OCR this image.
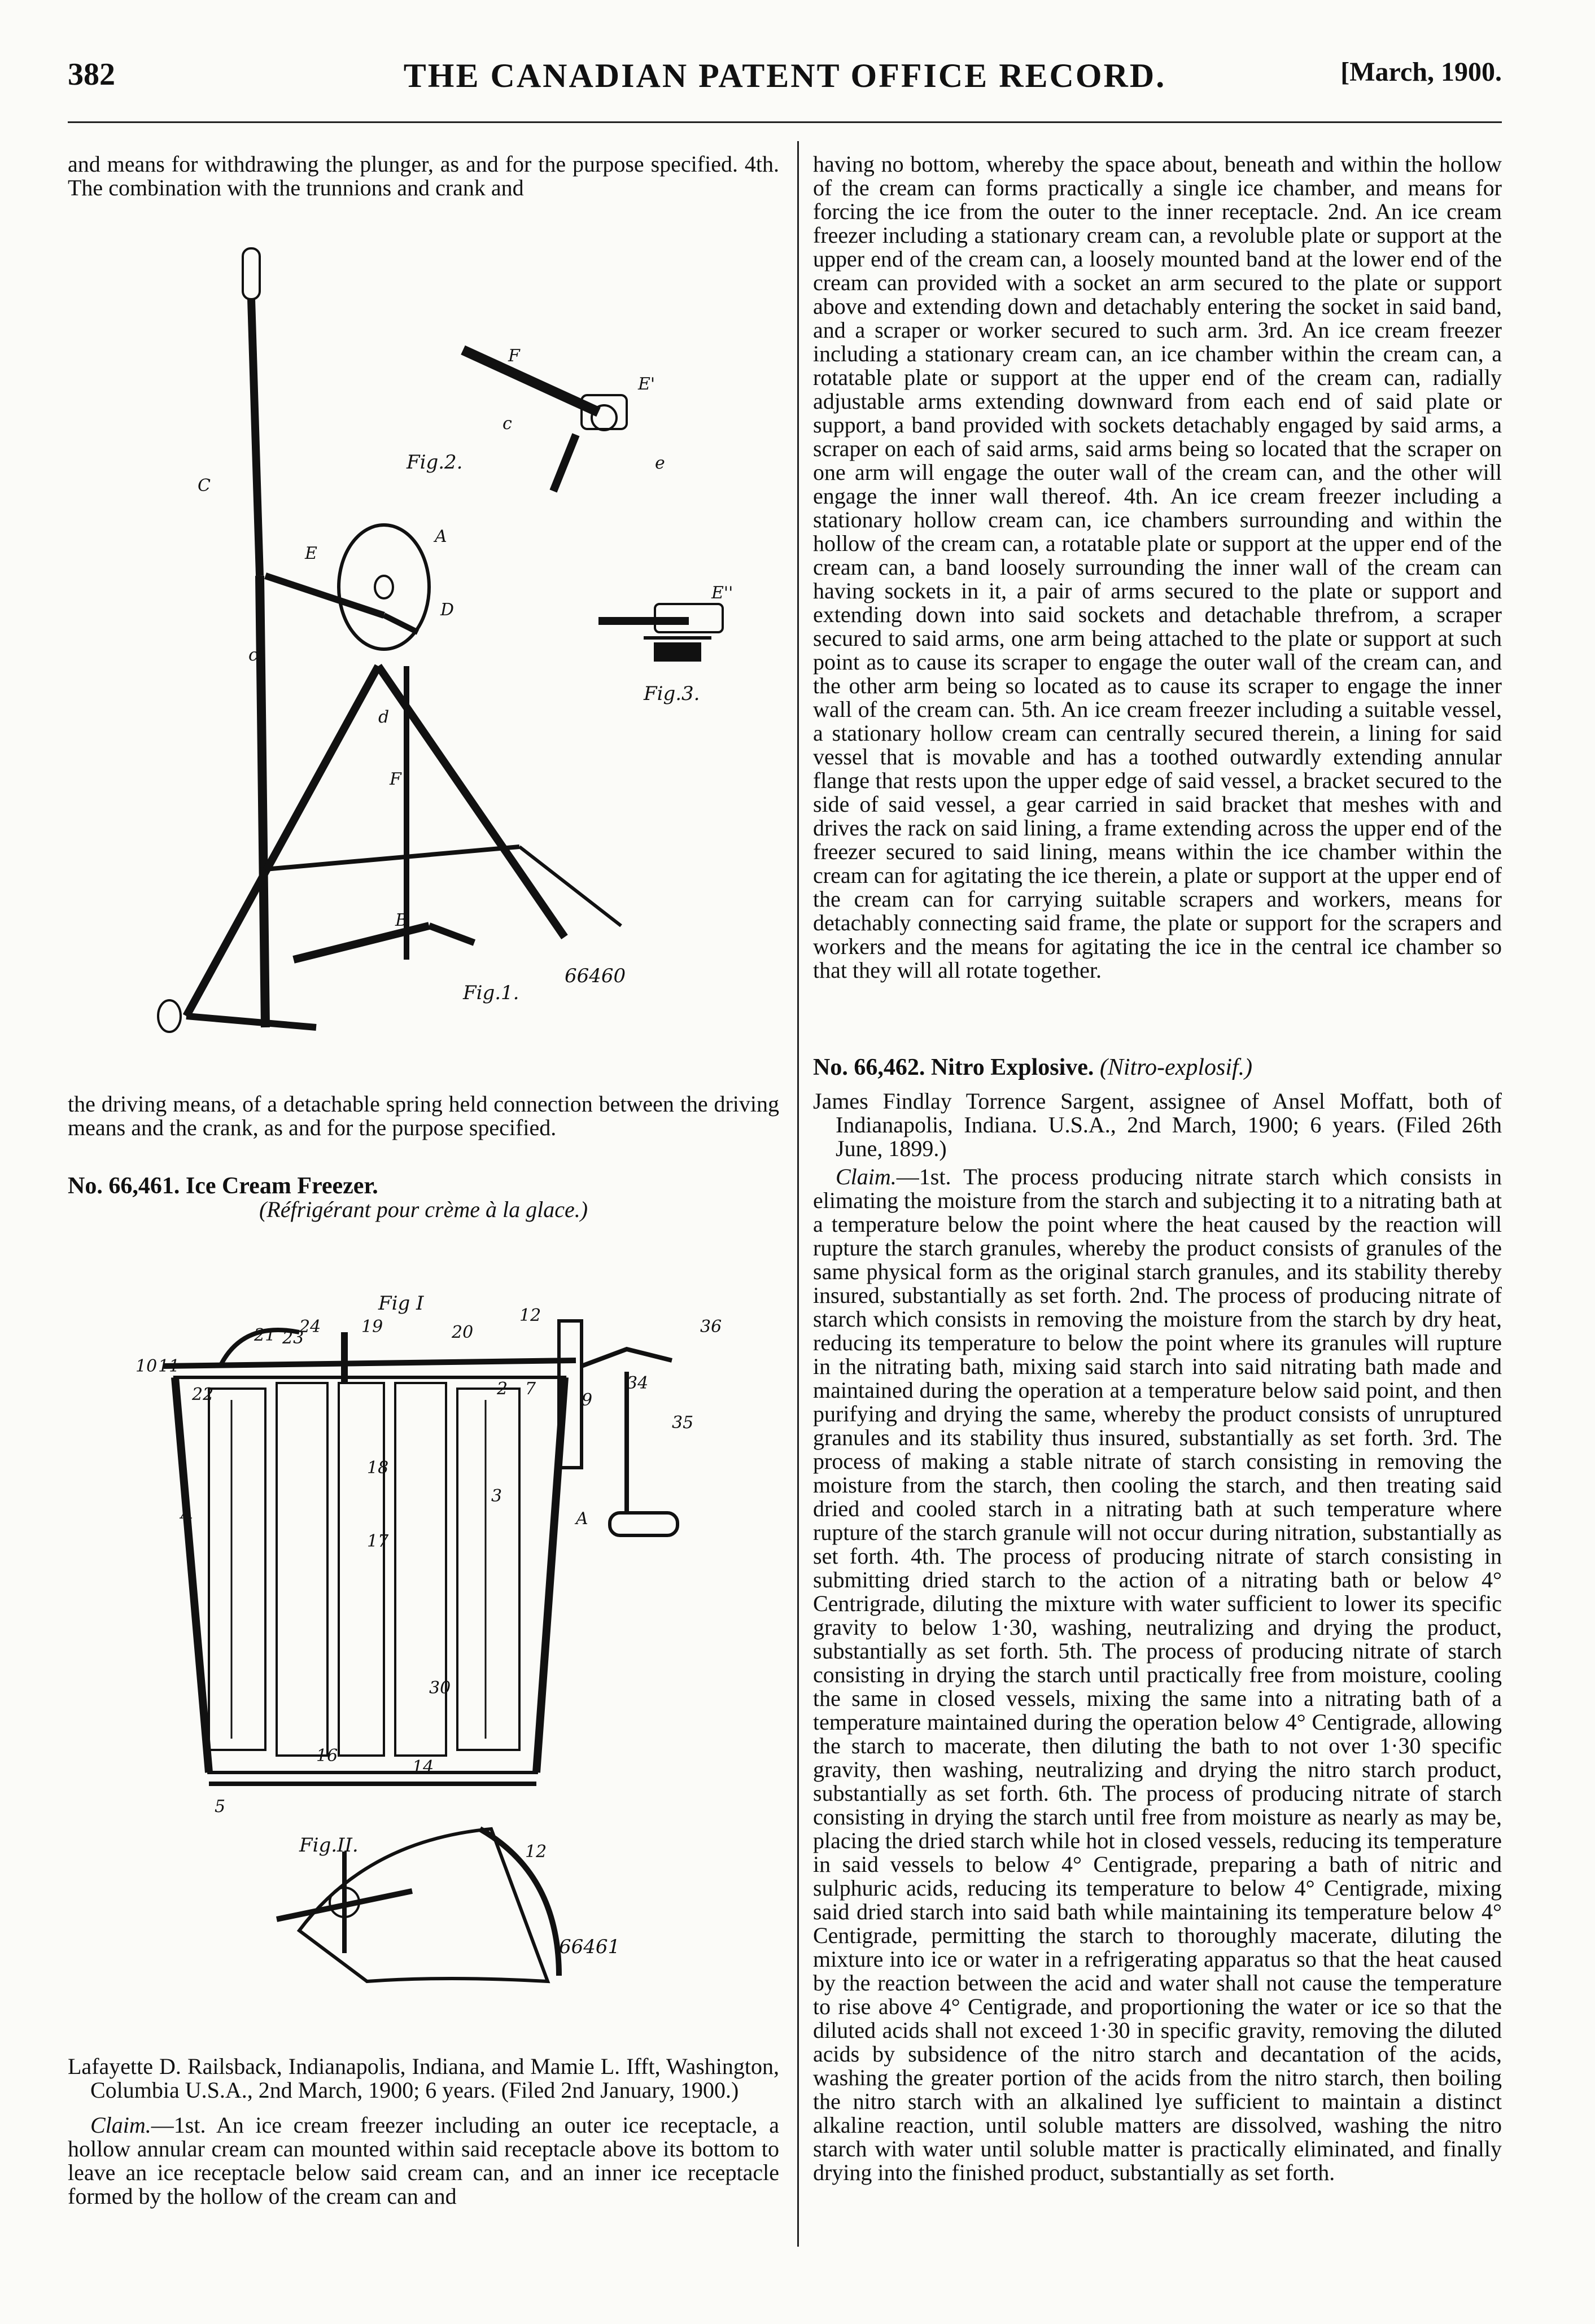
382	THE CANADIAN PATENT OFFICE RECORD.	[March, 1900.

and means for withdrawing the plunger, as and for the purpose specified. 4th. The combination with the trunnions and crank and

C
E
A
D
d
F
B
c'
F
E'
c
e
E''
Fig.2.
Fig.3.
Fig.1.
66460

the driving means, of a detachable spring held connection between the driving means and the crank, as and for the purpose specified.

No. 66,461. Ice Cream Freezer.

(Réfrigérant pour crème à la glace.)

Fig I
Fig.II.
66461
10 11
22
21 23
24 19	20
12
36
34
9
35
2 7
A	A
18
17
3
1
5
16
30
14
12

Lafayette D. Railsback, Indianapolis, Indiana, and Mamie L. Ifft, Washington, Columbia U.S.A., 2nd March, 1900; 6 years. (Filed 2nd January, 1900.)

Claim.—1st. An ice cream freezer including an outer ice receptacle, a hollow annular cream can mounted within said receptacle above its bottom to leave an ice receptacle below said cream can, and an inner ice receptacle formed by the hollow of the cream can and

having no bottom, whereby the space about, beneath and within the hollow of the cream can forms practically a single ice chamber, and means for forcing the ice from the outer to the inner receptacle. 2nd. An ice cream freezer including a stationary cream can, a revoluble plate or support at the upper end of the cream can, a loosely mounted band at the lower end of the cream can provided with a socket an arm secured to the plate or support above and extending down and detachably entering the socket in said band, and a scraper or worker secured to such arm. 3rd. An ice cream freezer including a stationary cream can, an ice chamber within the cream can, a rotatable plate or support at the upper end of the cream can, radially adjustable arms extending downward from each end of said plate or support, a band provided with sockets detachably engaged by said arms, a scraper on each of said arms, said arms being so located that the scraper on one arm will engage the outer wall of the cream can, and the other will engage the inner wall thereof. 4th. An ice cream freezer including a stationary hollow cream can, ice chambers surrounding and within the hollow of the cream can, a rotatable plate or support at the upper end of the cream can, a band loosely surrounding the inner wall of the cream can having sockets in it, a pair of arms secured to the plate or support and extending down into said sockets and detachable threfrom, a scraper secured to said arms, one arm being attached to the plate or support at such point as to cause its scraper to engage the outer wall of the cream can, and the other arm being so located as to cause its scraper to engage the inner wall of the cream can. 5th. An ice cream freezer including a suitable vessel, a stationary hollow cream can centrally secured therein, a lining for said vessel that is movable and has a toothed outwardly extending annular flange that rests upon the upper edge of said vessel, a bracket secured to the side of said vessel, a gear carried in said bracket that meshes with and drives the rack on said lining, a frame extending across the upper end of the freezer secured to said lining, means within the ice chamber within the cream can for agitating the ice therein, a plate or support at the upper end of the cream can for carrying suitable scrapers and workers, means for detachably connecting said frame, the plate or support for the scrapers and workers and the means for agitating the ice in the central ice chamber so that they will all rotate together.

No. 66,462. Nitro Explosive. (Nitro-explosif.)

James Findlay Torrence Sargent, assignee of Ansel Moffatt, both of Indianapolis, Indiana. U.S.A., 2nd March, 1900; 6 years. (Filed 26th June, 1899.)

Claim.—1st. The process producing nitrate starch which consists in elimating the moisture from the starch and subjecting it to a nitrating bath at a temperature below the point where the heat caused by the reaction will rupture the starch granules, whereby the product consists of granules of the same physical form as the original starch granules, and its stability thereby insured, substantially as set forth. 2nd. The process of producing nitrate of starch which consists in removing the moisture from the starch by dry heat, reducing its temperature to below the point where its granules will rupture in the nitrating bath, mixing said starch into said nitrating bath made and maintained during the operation at a temperature below said point, and then purifying and drying the same, whereby the product consists of unruptured granules and its stability thus insured, substantially as set forth. 3rd. The process of making a stable nitrate of starch consisting in removing the moisture from the starch, then cooling the starch, and then treating said dried and cooled starch in a nitrating bath at such temperature where rupture of the starch granule will not occur during nitration, substantially as set forth. 4th. The process of producing nitrate of starch consisting in submitting dried starch to the action of a nitrating bath or below 4° Centrigrade, diluting the mixture with water sufficient to lower its specific gravity to below 1·30, washing, neutralizing and drying the product, substantially as set forth. 5th. The process of producing nitrate of starch consisting in drying the starch until practically free from moisture, cooling the same in closed vessels, mixing the same into a nitrating bath of a temperature maintained during the operation below 4° Centigrade, allowing the starch to macerate, then diluting the bath to not over 1·30 specific gravity, then washing, neutralizing and drying the nitro starch product, substantially as set forth. 6th. The process of producing nitrate of starch consisting in drying the starch until free from moisture as nearly as may be, placing the dried starch while hot in closed vessels, reducing its temperature in said vessels to below 4° Centigrade, preparing a bath of nitric and sulphuric acids, reducing its temperature to below 4° Centigrade, mixing said dried starch into said bath while maintaining its temperature below 4° Centigrade, permitting the starch to thoroughly macerate, diluting the mixture into ice or water in a refrigerating apparatus so that the heat caused by the reaction between the acid and water shall not cause the temperature to rise above 4° Centigrade, and proportioning the water or ice so that the diluted acids shall not exceed 1·30 in specific gravity, removing the diluted acids by subsidence of the nitro starch and decantation of the acids, washing the greater portion of the acids from the nitro starch, then boiling the nitro starch with an alkalined lye sufficient to maintain a distinct alkaline reaction, until soluble matters are dissolved, washing the nitro starch with water until soluble matter is practically eliminated, and finally drying into the finished product, substantially as set forth.
